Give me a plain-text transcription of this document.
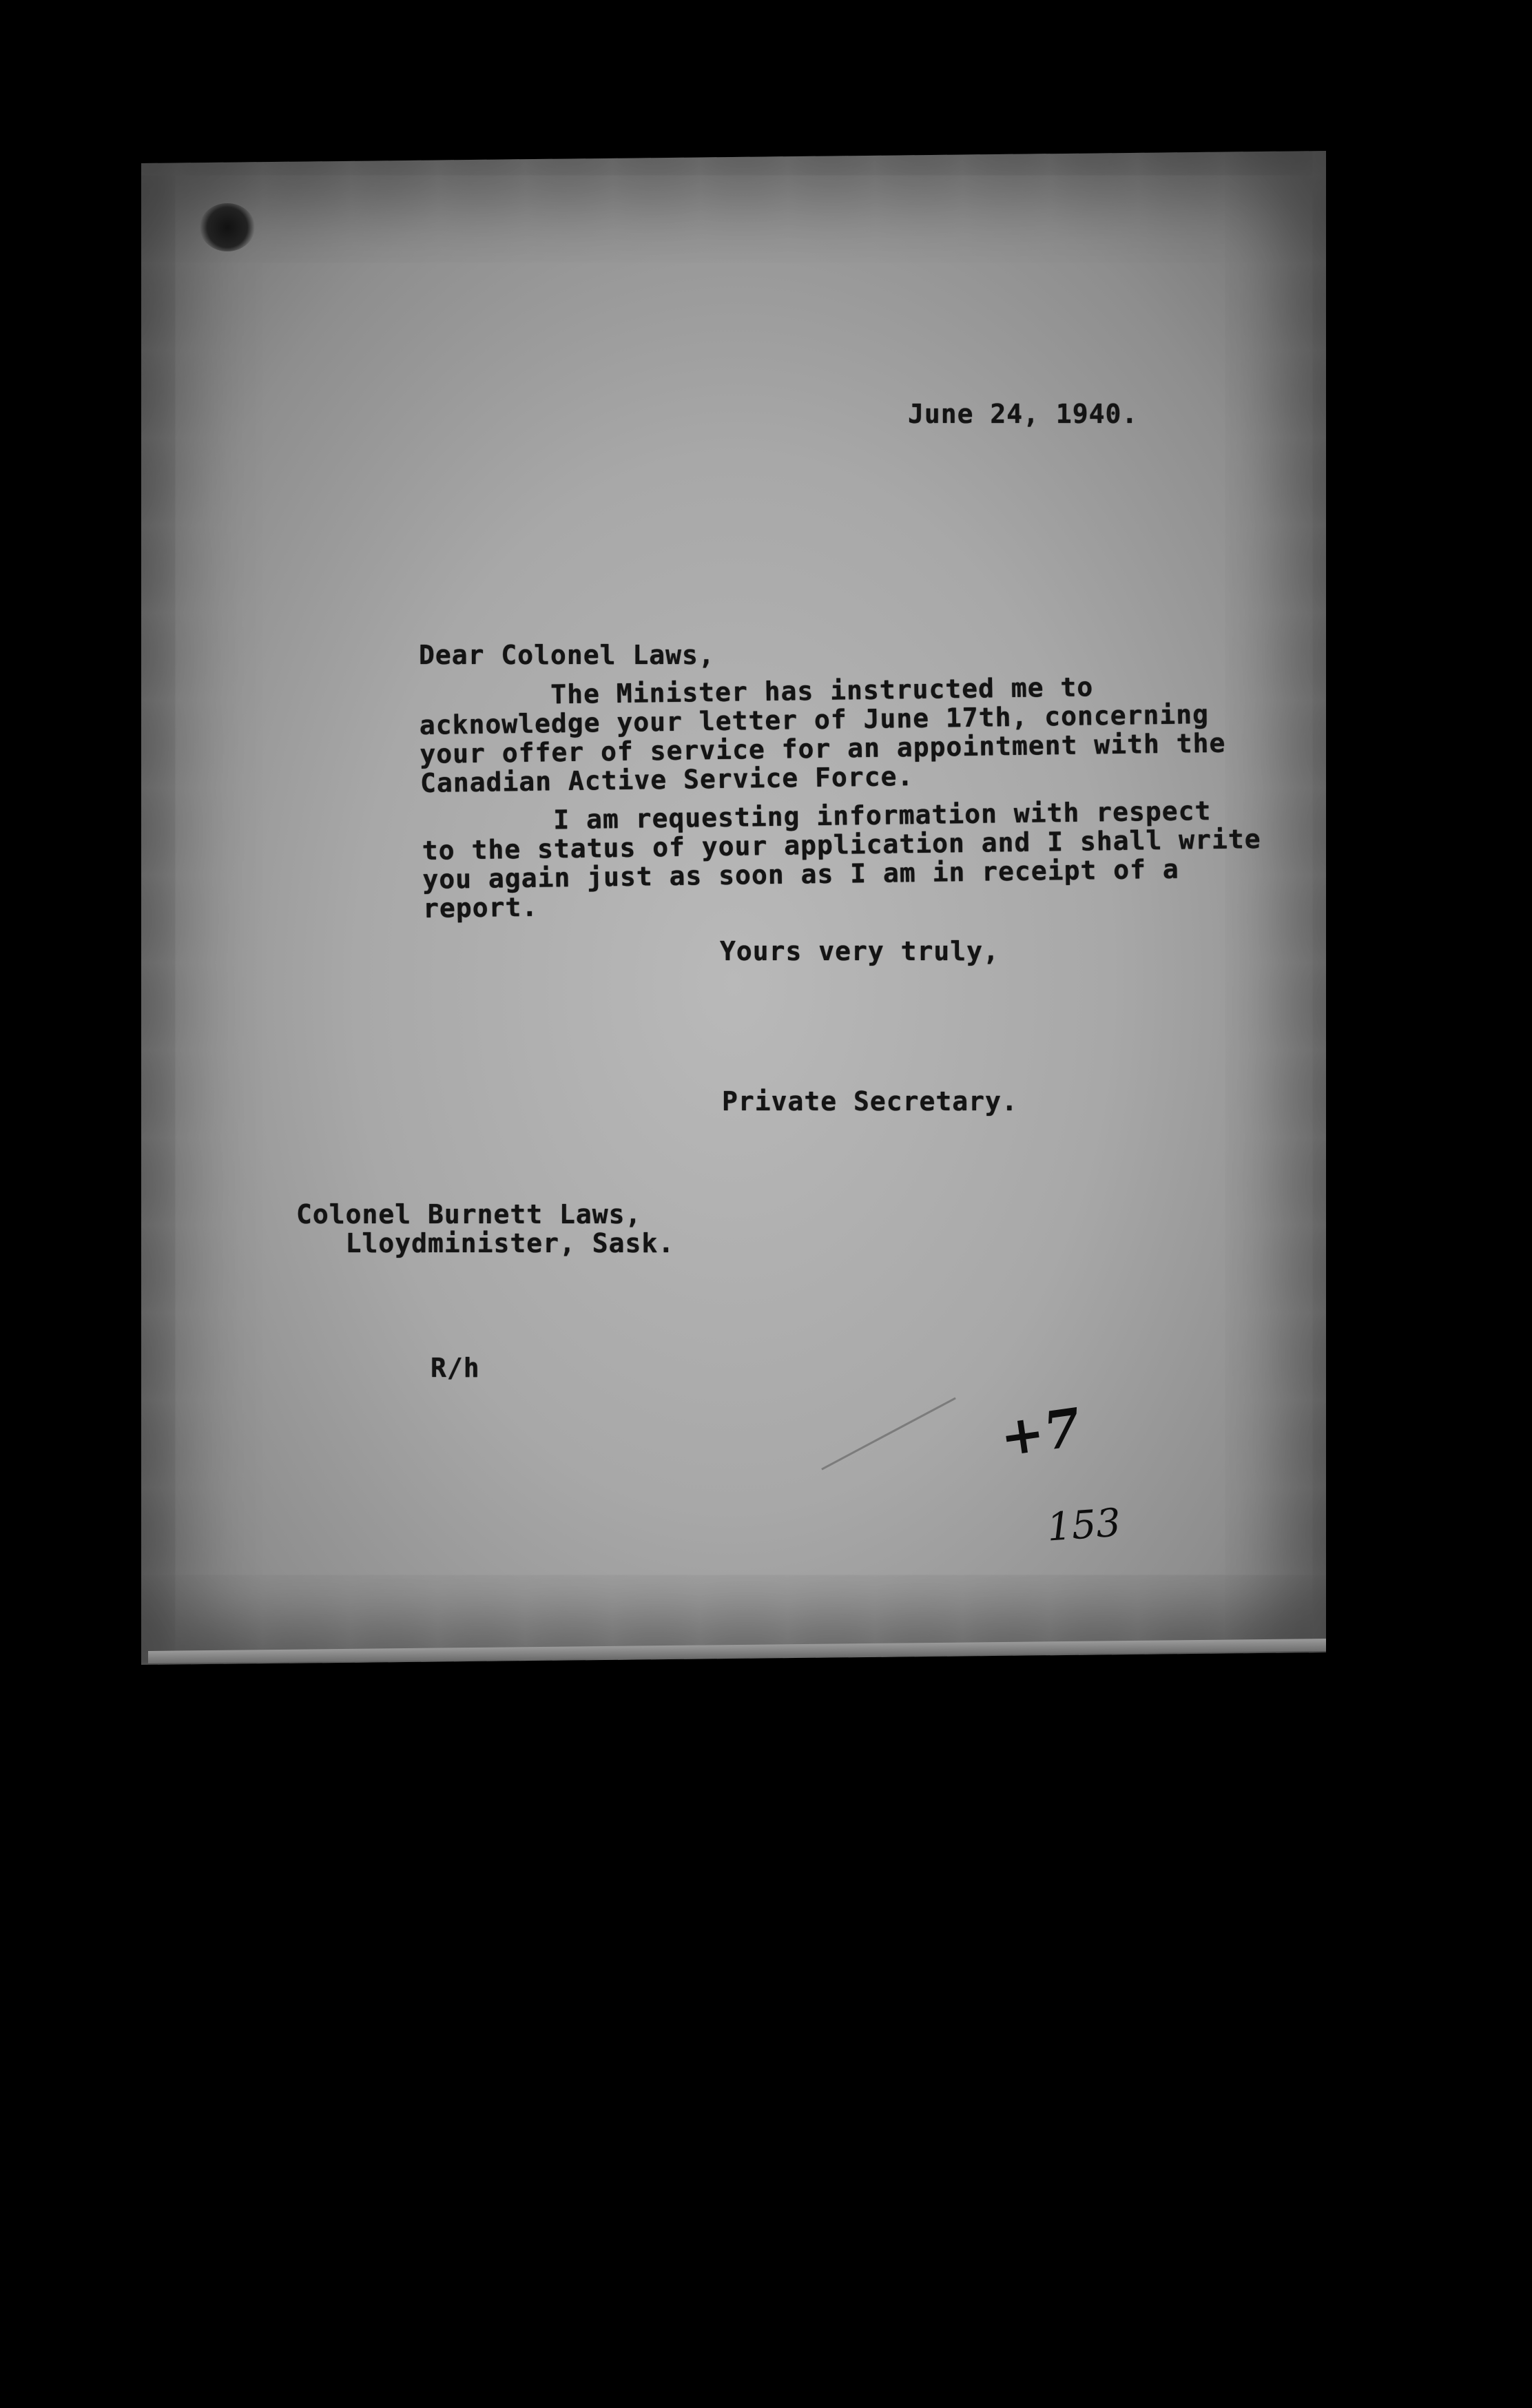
June 24, 1940.
Dear Colonel Laws,
The Minister has instructed me to
acknowledge your letter of June 17th, concerning
your offer of service for an appointment with the
Canadian Active Service Force.
I am requesting information with respect
to the status of your application and I shall write
you again just as soon as I am in receipt of a
report.
Yours very truly,
Private Secretary.
Colonel Burnett Laws,
Lloydminister, Sask.
R/h
+7
153
